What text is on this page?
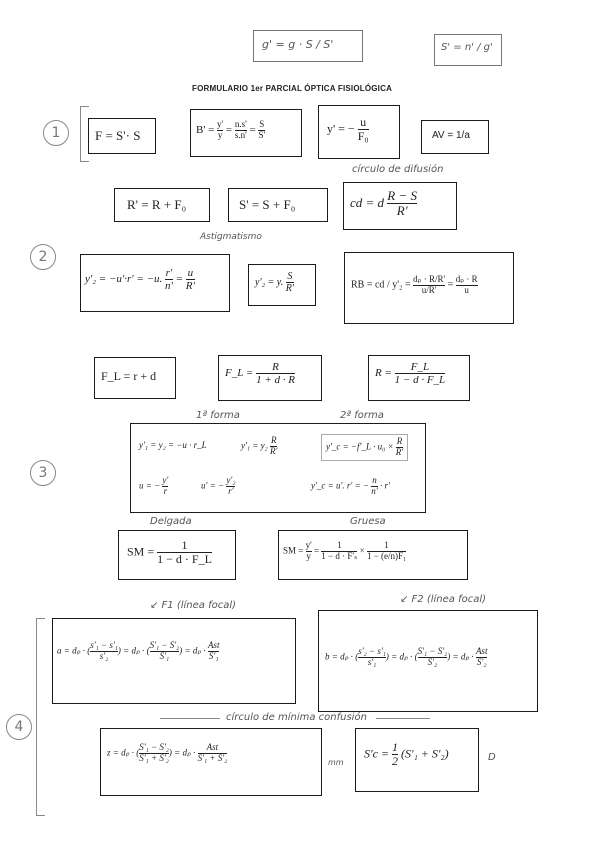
g' = g · S / S'	S' = n' / g'
FORMULARIO 1er PARCIAL ÓPTICA FISIOLÓGICA
1	F = S'· S	$B' = \frac{y'}{y} = \frac{n.s'}{s.n'} = \frac{S}{S'}$	y' = − $\frac{u}{\text{F₀}}$	AV = 1/a
círculo de difusión
R' = R + F₀	S' = S + F₀	cd = d $\frac{R - S}{R'}$
2
Astigmatismo
y'₂ = −u'·r' = −u. $\frac{r'}{n'} = \frac{u}{R'}$	y'₂ = y. $\frac{S}{R'}$	RB = cd / $y'_2 = \frac{\text{dₚ · R/R'}}{u/R'} = \frac{\text{dₚ · R}}{u}$
F_L = r + d	F_L = $\frac{R}{1 + d \cdot R}$	$R = \frac{F\_L}{1 - d \cdot F\_L}$
3
1ª forma	2ª forma
y'₁ = y₂ = −u · r_L	$y'_1 = y_2 \frac{R}{R'}$	y'_c = −f'_L · $u_0 \times \frac{R}{R'}$
u = − $\frac{y'}{r}$	u' = − $\frac{\text{y'₂}}{r'}$	y'_c = u'. r' = − $\frac{n}{n'} \cdot r'$
Delgada	Gruesa
SM = $\frac{1}{1 - d \cdot F\_L}$	SM = $\frac{y'}{y} = \frac{1}{\text{1 − d · F'ₛ}} \times \frac{1}{\text{1 − (e/n)F₁}}$
4
↙ F1 (línea focal)
↙ F2 (línea focal)
a = dₚ · ( $\frac{\text{s'₁ − s'₁}}{\text{s'₂}}$ ) = dₚ · ( $\frac{\text{S'₁ − S'₂}}{\text{S'₁}}$ ) = $d_p \cdot \frac{\text{Ast}}{\text{S'₁}}$	b = dₚ · ( $\frac{\text{s'₂ − s'₁}}{\text{s'₁}}$ ) = dₚ · ( $\frac{\text{S'₁ − S'₂}}{\text{S'₂}}$ ) = $d_p \cdot \frac{\text{Ast}}{\text{S'₂}}$
círculo de mínima confusión
z = dₚ · ( $\frac{\text{S'₁ − S'₂}}{\text{S'₁ + S'₂}}$ ) = $d_p \cdot \frac{\text{Ast}}{\text{S'₁ + S'₂}}$	mm
$S'c = \frac{1}{2} (S'_1 + S'_2)$	D
